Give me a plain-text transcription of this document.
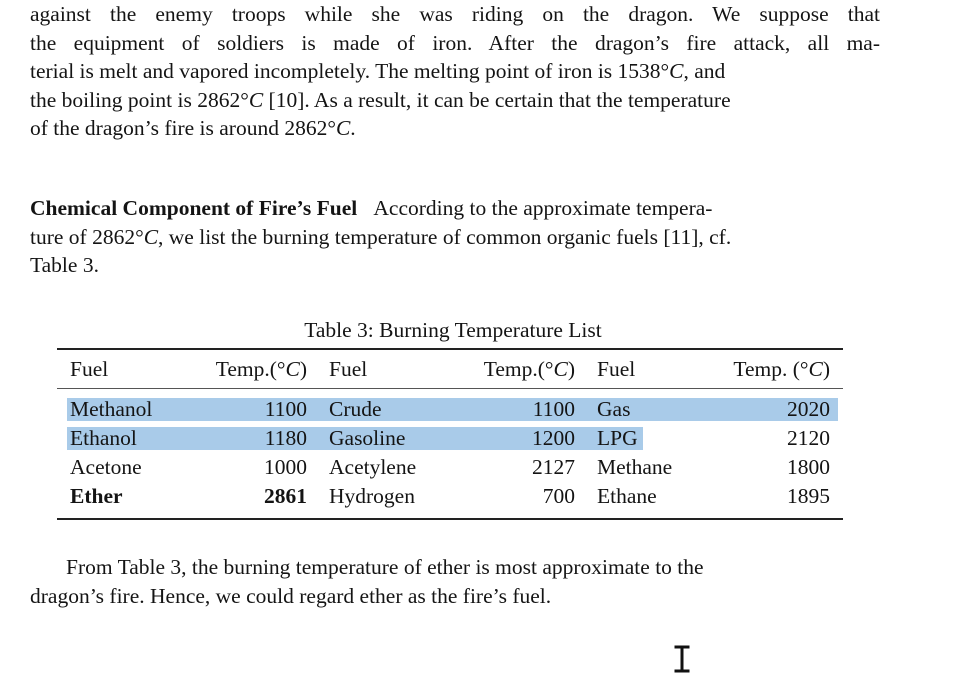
against the enemy troops while she was riding on the dragon. We suppose that
the equipment of soldiers is made of iron. After the dragon’s fire attack, all ma-
terial is melt and vapored incompletely. The melting point of iron is 1538°C, and
the boiling point is 2862°C [10]. As a result, it can be certain that the temperature
of the dragon’s fire is around 2862°C.
Chemical Component of Fire’s Fuel According to the approximate tempera-
ture of 2862°C, we list the burning temperature of common organic fuels [11], cf.
Table 3.
Table 3: Burning Temperature List
Fuel	Temp.(°C) Fuel	Temp.(°C) Fuel	Temp. (°C)
Methanol	1100 Crude	1100 Gas	2020
Ethanol	1180 Gasoline	1200 LPG	2120
Acetone	1000 Acetylene	2127 Methane	1800
Ether	2861 Hydrogen	700 Ethane	1895
From Table 3, the burning temperature of ether is most approximate to the
dragon’s fire. Hence, we could regard ether as the fire’s fuel.
